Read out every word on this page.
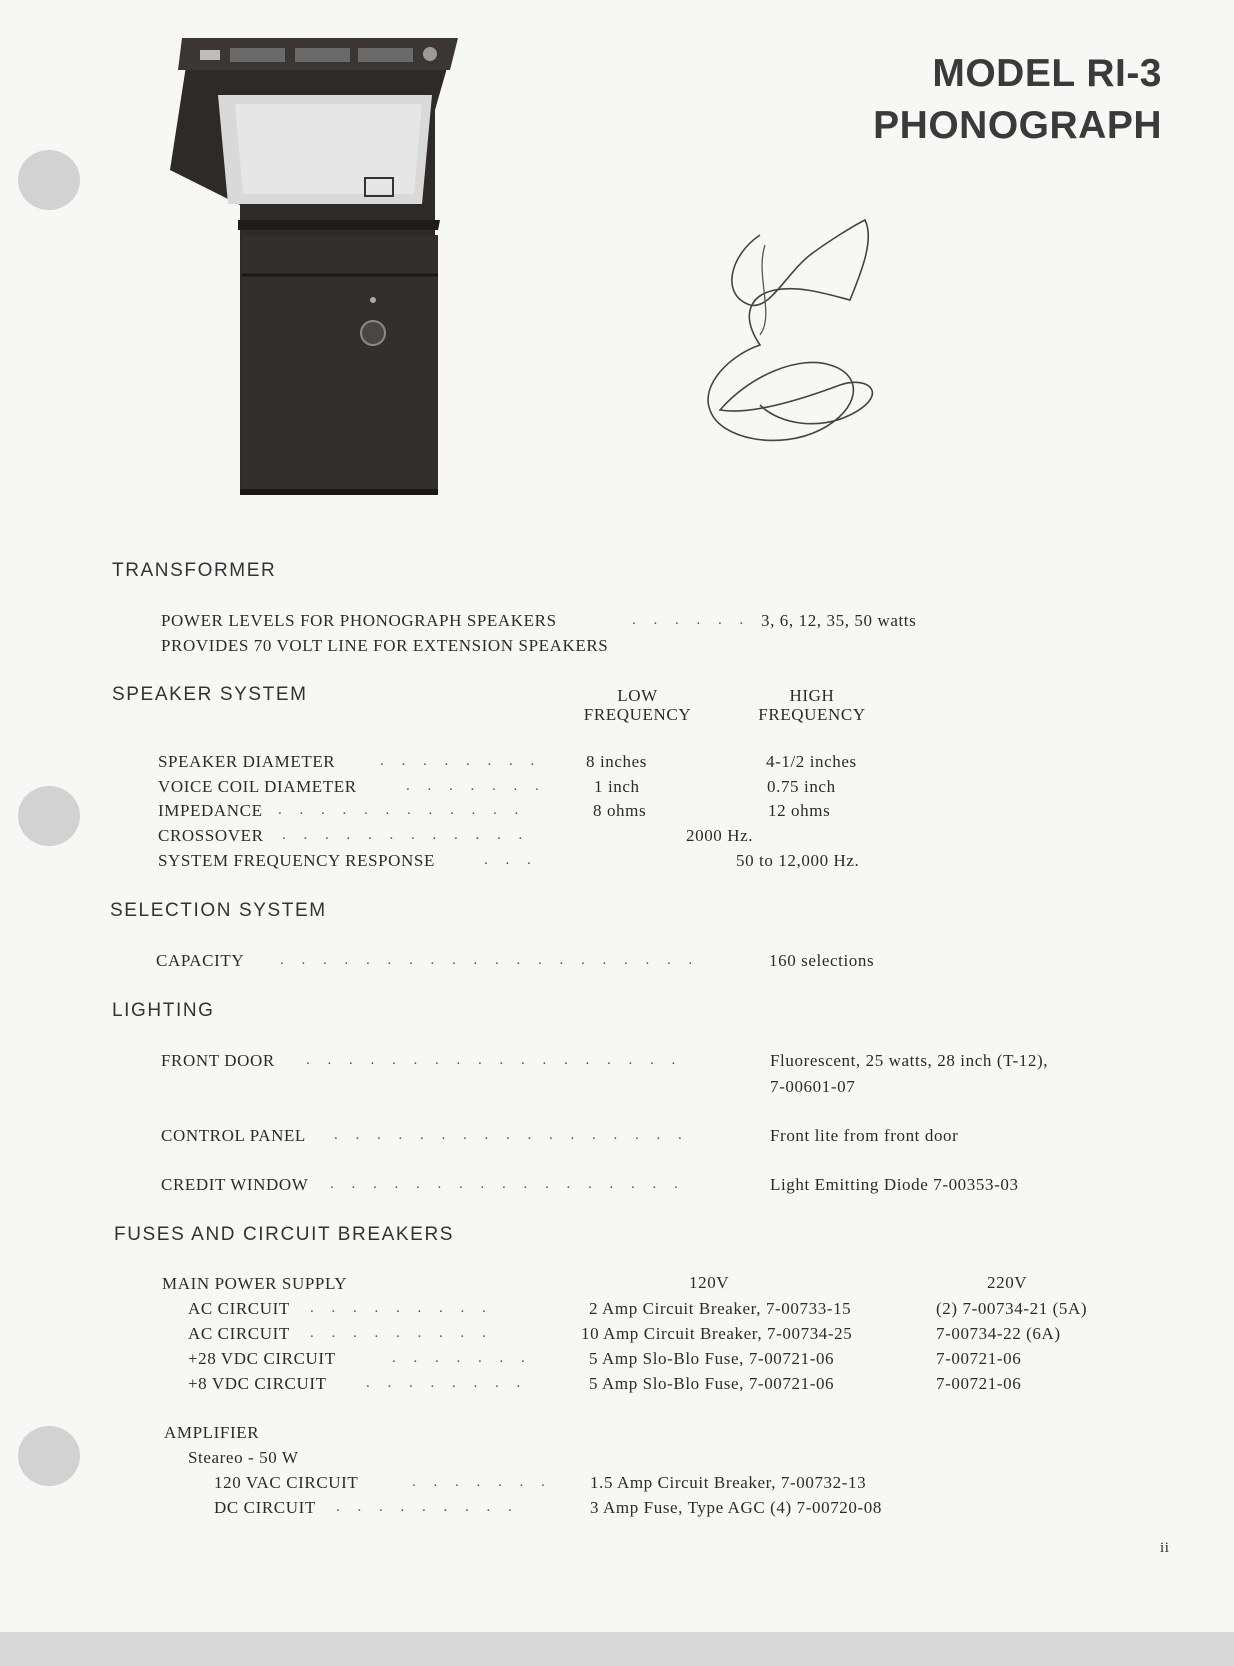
MODEL RI-3
PHONOGRAPH
TRANSFORMER
POWER LEVELS FOR PHONOGRAPH SPEAKERS	. . . . . . 3, 6, 12, 35, 50 watts
PROVIDES 70 VOLT LINE FOR EXTENSION SPEAKERS
SPEAKER SYSTEM	LOW
FREQUENCY
HIGH
FREQUENCY
SPEAKER DIAMETER	. . . . . . . .	8 inches	4-1/2 inches
VOICE COIL DIAMETER	. . . . . . .	1 inch	0.75 inch
IMPEDANCE . . . . . . . . . . . .	8 ohms	12 ohms
CROSSOVER . . . . . . . . . . . .	2000 Hz.
SYSTEM FREQUENCY RESPONSE	. . .	50 to 12,000 Hz.
SELECTION SYSTEM
CAPACITY . . . . . . . . . . . . . . . . . . . .	160 selections
LIGHTING
FRONT DOOR . . . . . . . . . . . . . . . . . .	Fluorescent, 25 watts, 28 inch (T-12),
7-00601-07
CONTROL PANEL . . . . . . . . . . . . . . . . .	Front lite from front door
CREDIT WINDOW . . . . . . . . . . . . . . . . .	Light Emitting Diode 7-00353-03
FUSES AND CIRCUIT BREAKERS
MAIN POWER SUPPLY	120V	220V
AC CIRCUIT . . . . . . . . .	2 Amp Circuit Breaker, 7-00733-15	(2) 7-00734-21 (5A)
AC CIRCUIT . . . . . . . . .	10 Amp Circuit Breaker, 7-00734-25	7-00734-22 (6A)
+28 VDC CIRCUIT	. . . . . . .	5 Amp Slo-Blo Fuse, 7-00721-06	7-00721-06
+8 VDC CIRCUIT	. . . . . . . .	5 Amp Slo-Blo Fuse, 7-00721-06	7-00721-06
AMPLIFIER
Steareo - 50 W
120 VAC CIRCUIT	. . . . . . . 1.5 Amp Circuit Breaker, 7-00732-13
DC CIRCUIT . . . . . . . . .	3 Amp Fuse, Type AGC (4) 7-00720-08
ii
